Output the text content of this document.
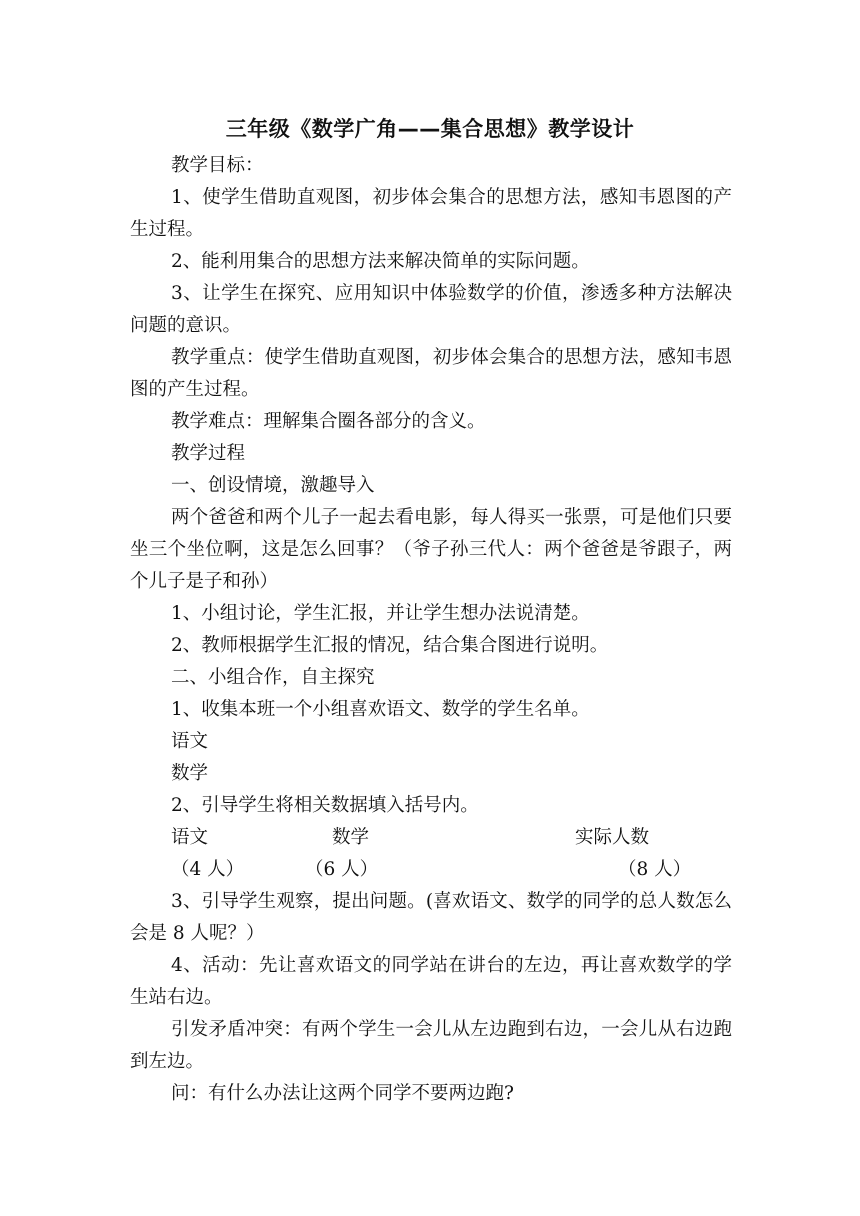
三年级《数学广角——集合思想》教学设计

教学目标：

1、使学生借助直观图，初步体会集合的思想方法，感知韦恩图的产生过程。

2、能利用集合的思想方法来解决简单的实际问题。

3、让学生在探究、应用知识中体验数学的价值，渗透多种方法解决问题的意识。

教学重点：使学生借助直观图，初步体会集合的思想方法，感知韦恩图的产生过程。

教学难点：理解集合圈各部分的含义。

教学过程

一、创设情境，激趣导入

两个爸爸和两个儿子一起去看电影，每人得买一张票，可是他们只要坐三个坐位啊，这是怎么回事？（爷子孙三代人：两个爸爸是爷跟子，两个儿子是子和孙）

1、小组讨论，学生汇报，并让学生想办法说清楚。

2、教师根据学生汇报的情况，结合集合图进行说明。

二、小组合作，自主探究

1、收集本班一个小组喜欢语文、数学的学生名单。

语文

数学

2、引导学生将相关数据填入括号内。

语文	数学	实际人数
（4 人）	（6 人）	（8 人）

3、引导学生观察，提出问题。(喜欢语文、数学的同学的总人数怎么会是 8 人呢？）

4、活动：先让喜欢语文的同学站在讲台的左边，再让喜欢数学的学生站右边。

引发矛盾冲突：有两个学生一会儿从左边跑到右边，一会儿从右边跑到左边。

问：有什么办法让这两个同学不要两边跑?
